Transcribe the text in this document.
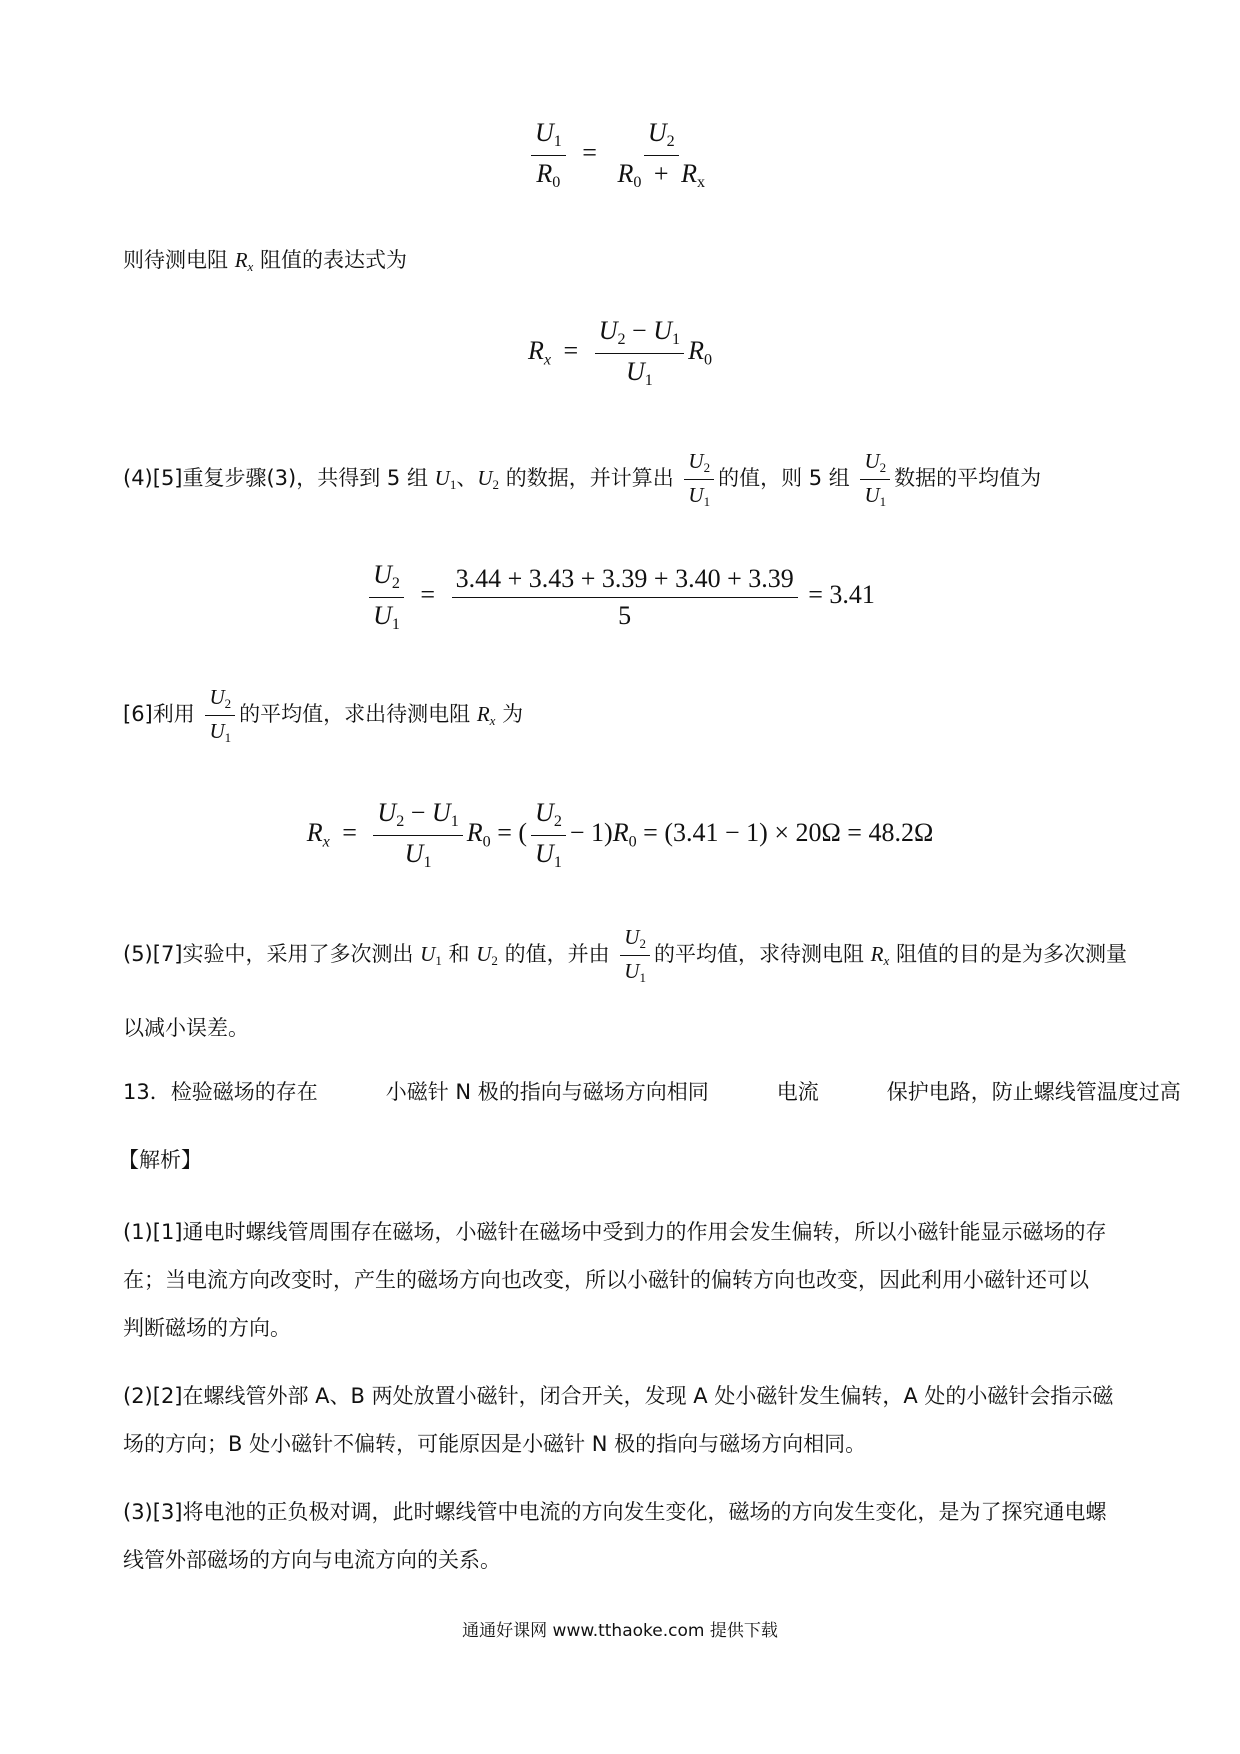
$\frac{U_1}{R_0} = \frac{U_2}{R_0 + R_x}$
则待测电阻 $R_x$ 阻值的表达式为
$R_x = \frac{U_2 - U_1}{U_1} R_0$
(4)[5]重复步骤(3)，共得到 5 组 $U_1$、$U_2$ 的数据，并计算出 $\frac{U_2}{U_1}$ 的值，则 5 组 $\frac{U_2}{U_1}$ 数据的平均值为
$\frac{U_2}{U_1} = \frac{3.44 + 3.43 + 3.39 + 3.40 + 3.39}{5} = 3.41$
[6]利用 $\frac{U_2}{U_1}$ 的平均值，求出待测电阻 $R_x$ 为
$R_x = \frac{U_2 - U_1}{U_1} R_0$ = ( $\frac{U_2}{U_1} - 1)R_0 = (3.41 - 1) \times 20\Omega = 48.2\Omega$
(5)[7]实验中，采用了多次测出 $U_1$ 和 $U_2$ 的值，并由 $\frac{U_2}{U_1}$ 的平均值，求待测电阻 $R_x$ 阻值的目的是为多次测量
以减小误差。
13．检验磁场的存在	小磁针 N 极的指向与磁场方向相同	电流	保护电路，防止螺线管温度过高
【解析】
(1)[1]通电时螺线管周围存在磁场，小磁针在磁场中受到力的作用会发生偏转，所以小磁针能显示磁场的存
在；当电流方向改变时，产生的磁场方向也改变，所以小磁针的偏转方向也改变，因此利用小磁针还可以
判断磁场的方向。
(2)[2]在螺线管外部 A、B 两处放置小磁针，闭合开关，发现 A 处小磁针发生偏转，A 处的小磁针会指示磁
场的方向；B 处小磁针不偏转，可能原因是小磁针 N 极的指向与磁场方向相同。
(3)[3]将电池的正负极对调，此时螺线管中电流的方向发生变化，磁场的方向发生变化，是为了探究通电螺
线管外部磁场的方向与电流方向的关系。
通通好课网 www.tthaoke.com 提供下载
